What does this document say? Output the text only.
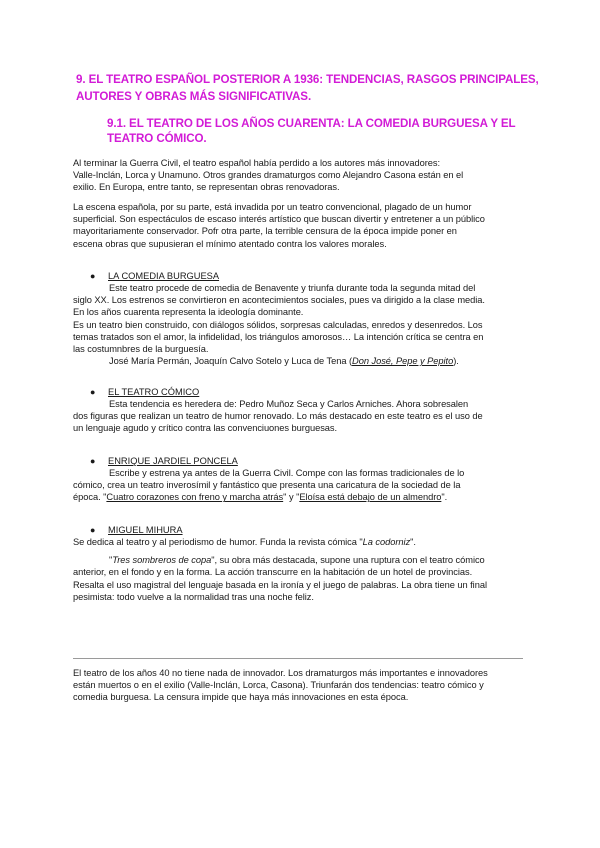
9. EL TEATRO ESPAÑOL POSTERIOR A 1936: TENDENCIAS, RASGOS PRINCIPALES, AUTORES Y OBRAS MÁS SIGNIFICATIVAS.
9.1. EL TEATRO DE LOS AÑOS CUARENTA: LA COMEDIA BURGUESA Y EL TEATRO CÓMICO.

Al terminar la Guerra Civil, el teatro español había perdido a los autores más innovadores:

Valle-Inclán, Lorca y Unamuno. Otros grandes dramaturgos como Alejandro Casona están en el

exilio. En Europa, entre tanto, se representan obras renovadoras.

La escena española, por su parte, está invadida por un teatro convencional, plagado de un humor

superficial. Son espectáculos de escaso interés artístico que buscan divertir y entretener a un público

mayoritariamente conservador. Pofr otra parte, la terrible censura de la época impide poner en

escena obras que supusieran el mínimo atentado contra los valores morales.

● LA COMEDIA BURGUESA

Este teatro procede de comedia de Benavente y triunfa durante toda la segunda mitad del

siglo XX. Los estrenos se convirtieron en acontecimientos sociales, pues va dirigido a la clase media.

En los años cuarenta representa la ideología dominante.

Es un teatro bien construido, con diálogos sólidos, sorpresas calculadas, enredos y desenredos. Los

temas tratados son el amor, la infidelidad, los triángulos amorosos… La intención crítica se centra en

las costumnbres de la burguesía.

José María Permán, Joaquín Calvo Sotelo y Luca de Tena (Don José, Pepe y Pepito).

● EL TEATRO CÓMICO

Esta tendencia es heredera de: Pedro Muñoz Seca y Carlos Arniches. Ahora sobresalen

dos figuras que realizan un teatro de humor renovado. Lo más destacado en este teatro es el uso de

un lenguaje agudo y crítico contra las convenciuones burguesas.

● ENRIQUE JARDIEL PONCELA

Escribe y estrena ya antes de la Guerra Civil. Compe con las formas tradicionales de lo

cómico, crea un teatro inverosímil y fantástico que presenta una caricatura de la sociedad de la

época. "Cuatro corazones con freno y marcha atrás" y "Eloísa está debajo de un almendro".

● MIGUEL MIHURA

Se dedica al teatro y al periodismo de humor. Funda la revista cómica "La codorniz".

"Tres sombreros de copa", su obra más destacada, supone una ruptura con el teatro cómico

anterior, en el fondo y en la forma. La acción transcurre en la habitación de un hotel de provincias.

Resalta el uso magistral del lenguaje basada en la ironía y el juego de palabras. La obra tiene un final

pesimista: todo vuelve a la normalidad tras una noche feliz.

El teatro de los años 40 no tiene nada de innovador. Los dramaturgos más importantes e innovadores

están muertos o en el exilio (Valle-Inclán, Lorca, Casona). Triunfarán dos tendencias: teatro cómico y

comedia burguesa. La censura impide que haya más innovaciones en esta época.
